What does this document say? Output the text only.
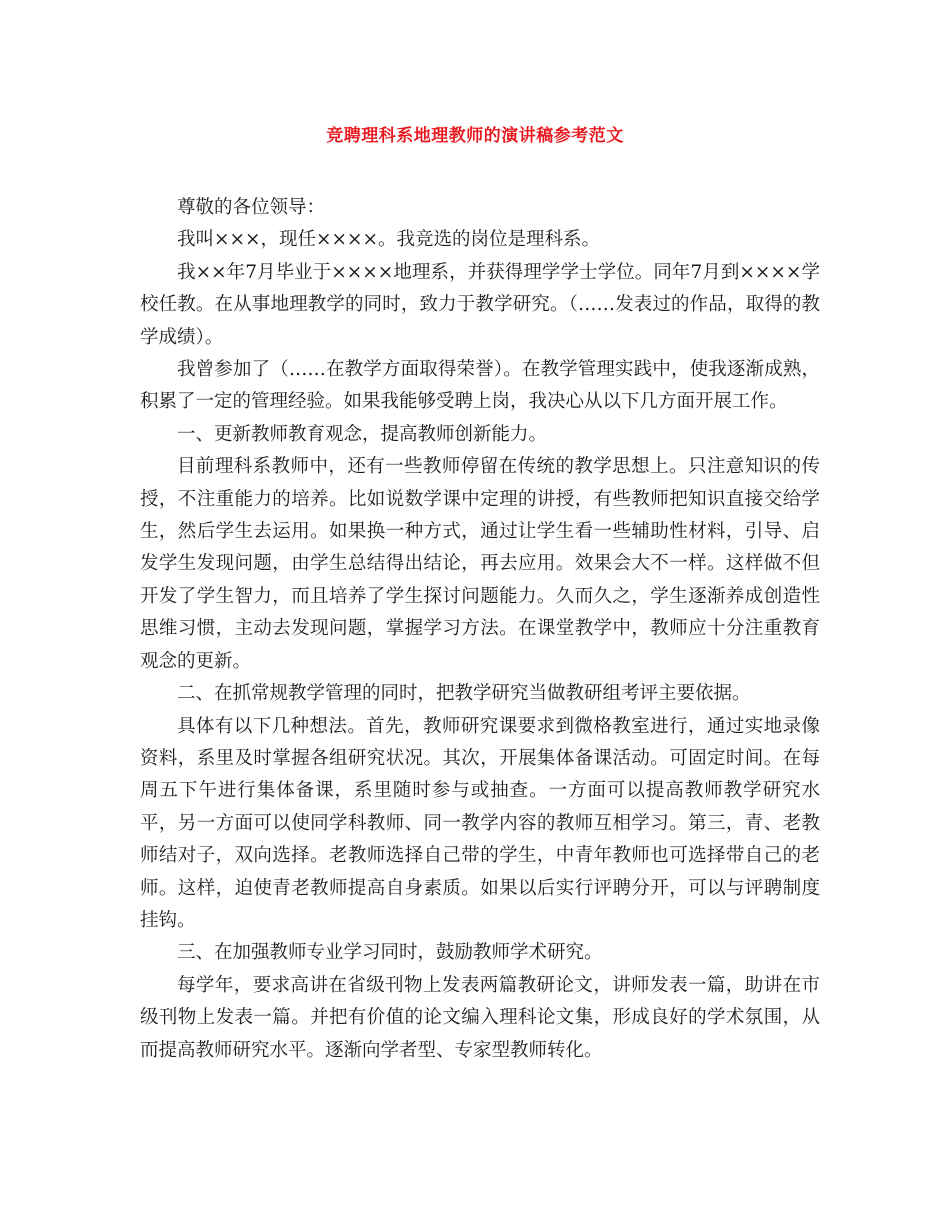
竞聘理科系地理教师的演讲稿参考范文

尊敬的各位领导：

我叫×××，现任××××。我竞选的岗位是理科系。

我××年7月毕业于××××地理系，并获得理学学士学位。同年7月到××××学校任教。在从事地理教学的同时，致力于教学研究。（……发表过的作品，取得的教学成绩）。

我曾参加了（……在教学方面取得荣誉）。在教学管理实践中，使我逐渐成熟，积累了一定的管理经验。如果我能够受聘上岗，我决心从以下几方面开展工作。

一、更新教师教育观念，提高教师创新能力。

目前理科系教师中，还有一些教师停留在传统的教学思想上。只注意知识的传授，不注重能力的培养。比如说数学课中定理的讲授，有些教师把知识直接交给学生，然后学生去运用。如果换一种方式，通过让学生看一些辅助性材料，引导、启发学生发现问题，由学生总结得出结论，再去应用。效果会大不一样。这样做不但开发了学生智力，而且培养了学生探讨问题能力。久而久之，学生逐渐养成创造性思维习惯，主动去发现问题，掌握学习方法。在课堂教学中，教师应十分注重教育观念的更新。

二、在抓常规教学管理的同时，把教学研究当做教研组考评主要依据。

具体有以下几种想法。首先，教师研究课要求到微格教室进行，通过实地录像资料，系里及时掌握各组研究状况。其次，开展集体备课活动。可固定时间。在每周五下午进行集体备课，系里随时参与或抽查。一方面可以提高教师教学研究水平，另一方面可以使同学科教师、同一教学内容的教师互相学习。第三，青、老教师结对子，双向选择。老教师选择自己带的学生，中青年教师也可选择带自己的老师。这样，迫使青老教师提高自身素质。如果以后实行评聘分开，可以与评聘制度挂钩。

三、在加强教师专业学习同时，鼓励教师学术研究。

每学年，要求高讲在省级刊物上发表两篇教研论文，讲师发表一篇，助讲在市级刊物上发表一篇。并把有价值的论文编入理科论文集，形成良好的学术氛围，从而提高教师研究水平。逐渐向学者型、专家型教师转化。
